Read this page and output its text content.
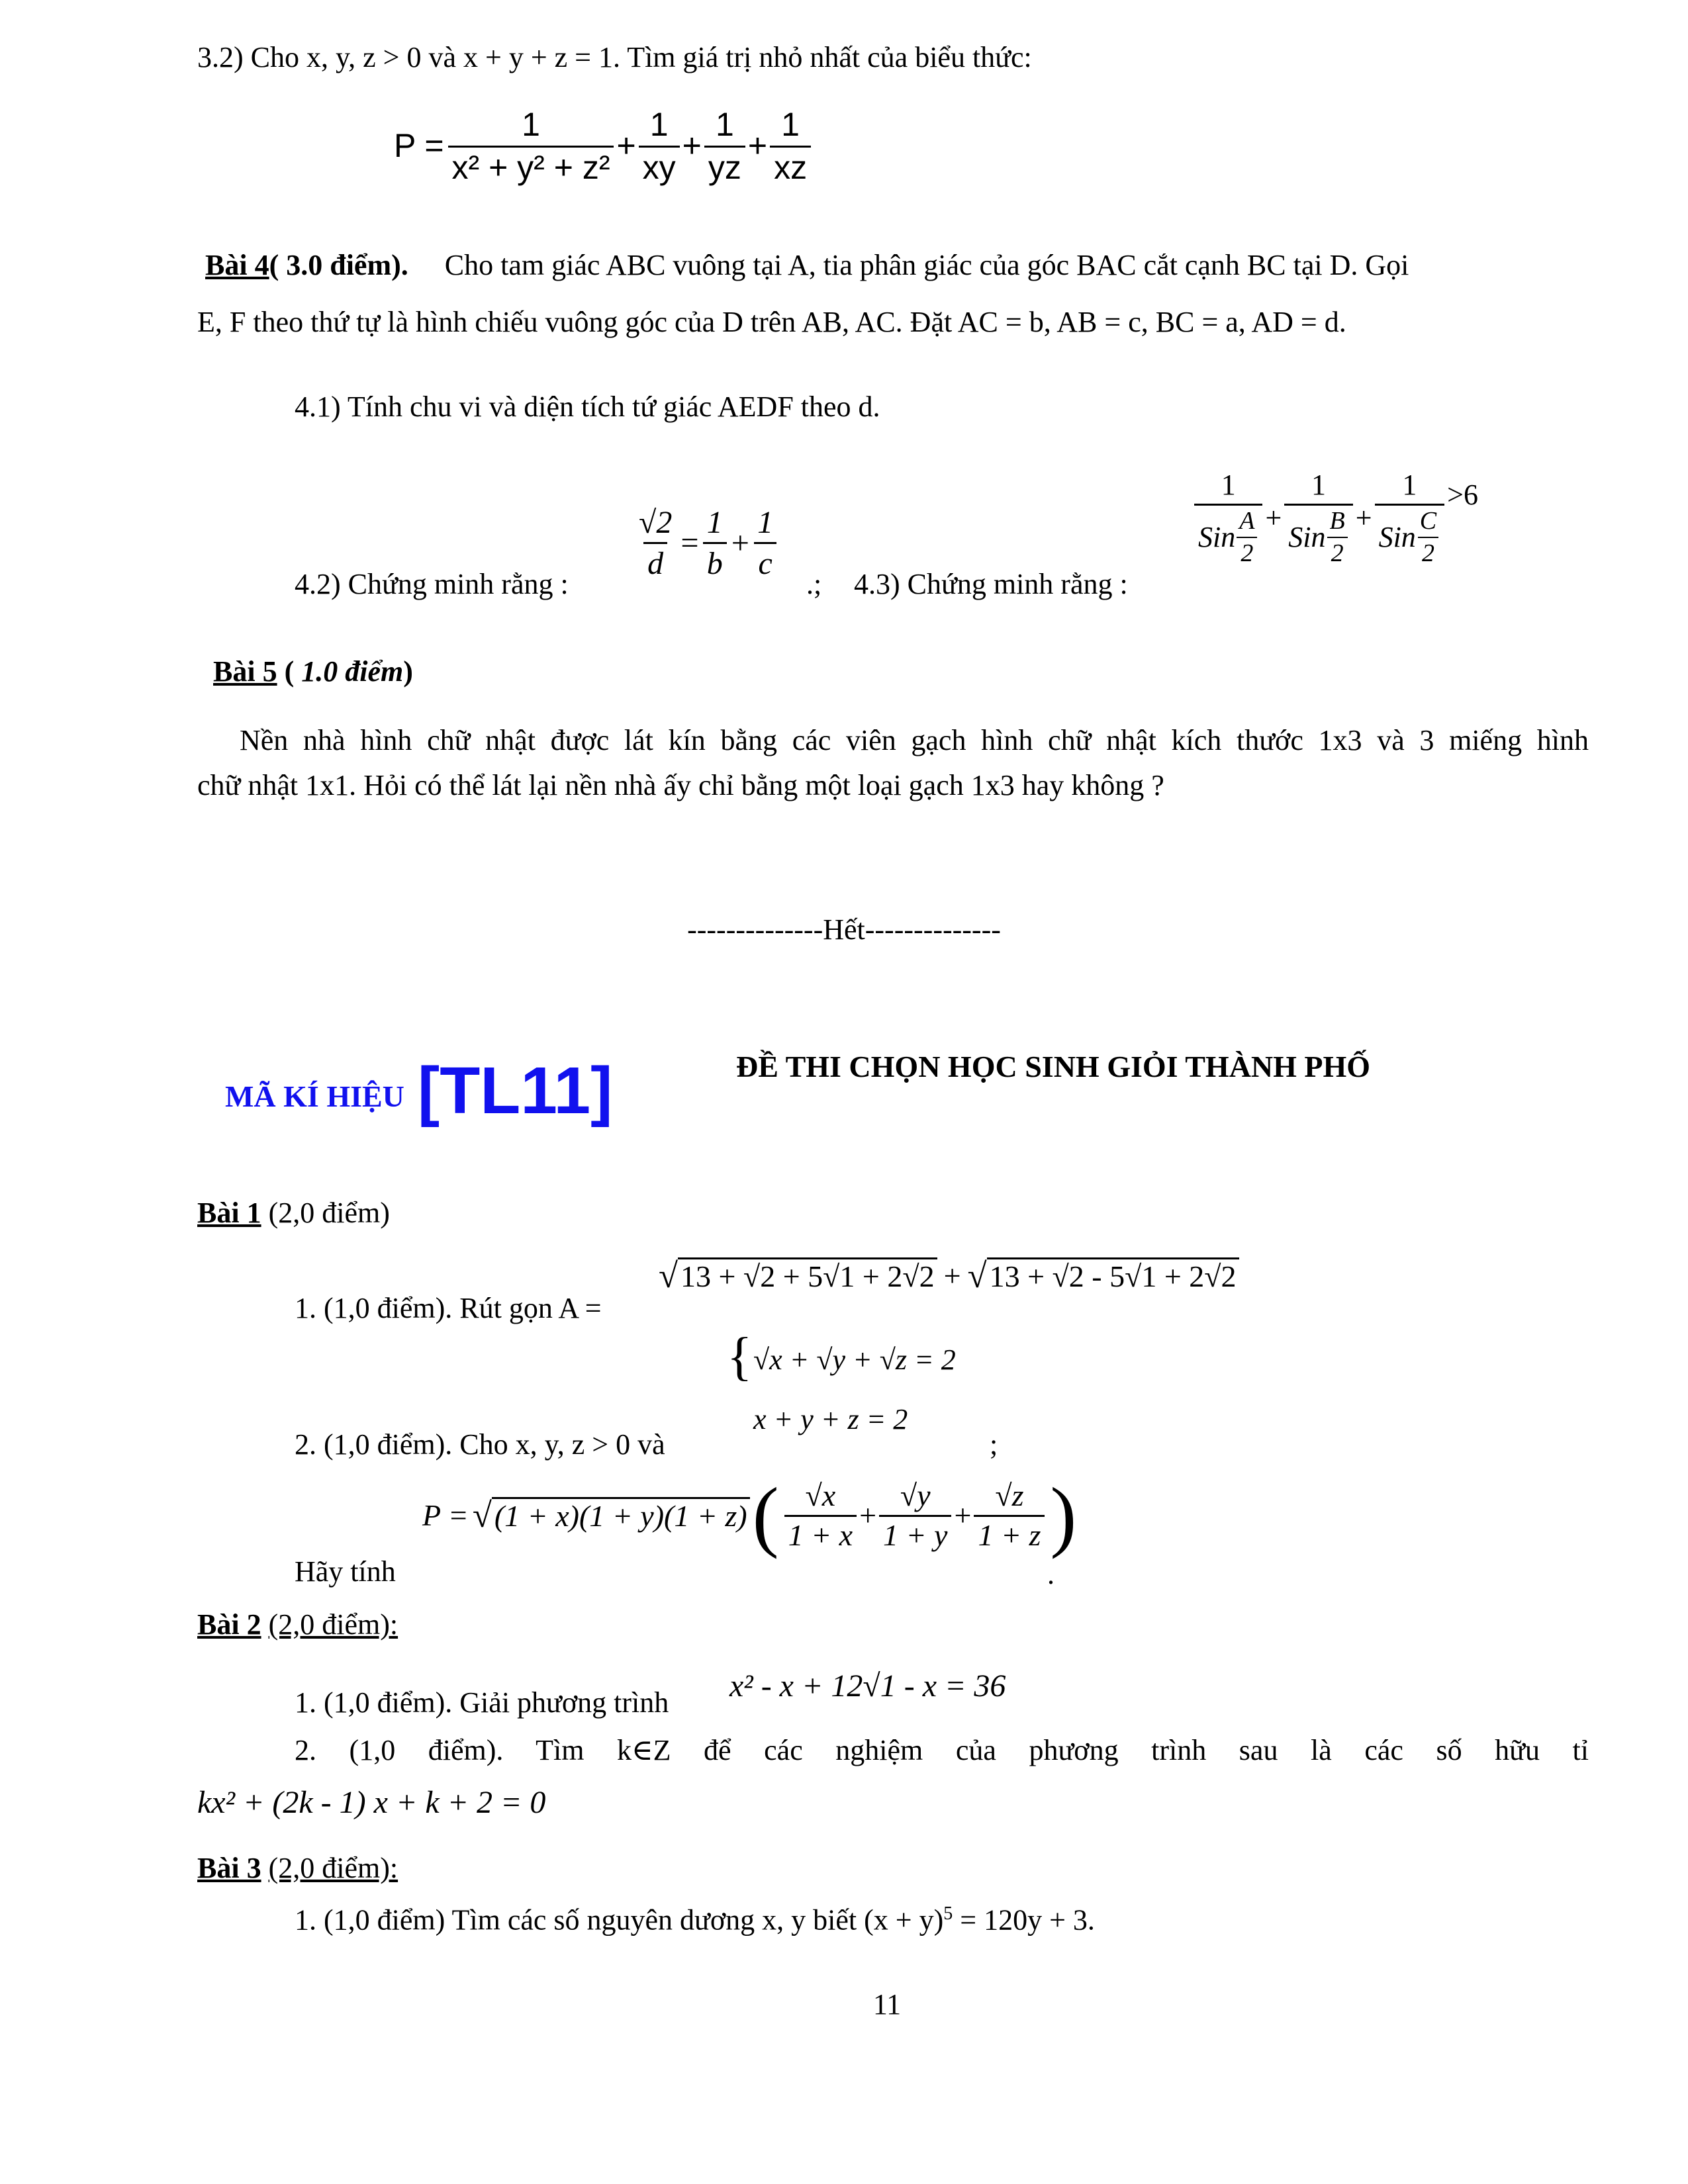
3.2) Cho x, y, z > 0 và x + y + z = 1. Tìm giá trị nhỏ nhất của biểu thức:
$P = \frac{1}{\text{x² + y² + z²}} + \frac{1}{xy} + \frac{1}{yz} + \frac{1}{xz}$
Bài 4( 3.0 điểm). Cho tam giác ABC vuông tại A, tia phân giác của góc BAC cắt cạnh BC tại D. Gọi
E, F theo thứ tự là hình chiếu vuông góc của D trên AB, AC. Đặt AC = b, AB = c, BC = a, AD = d.
4.1) Tính chu vi và diện tích tứ giác AEDF theo d.
4.2) Chứng minh rằng :
$\frac{√2}{d} = \frac{1}{b} + \frac{1}{c}$
.; 4.3) Chứng minh rằng :
$\frac{1}{Sin \frac{A}{2}} + \frac{1}{Sin \frac{B}{2}} + \frac{1}{Sin \frac{C}{2}} >6$
Bài 5 ( 1.0 điểm)
Nền nhà hình chữ nhật được lát kín bằng các viên gạch hình chữ nhật kích thước 1x3 và 3 miếng hình
chữ nhật 1x1. Hỏi có thể lát lại nền nhà ấy chỉ bằng một loại gạch 1x3 hay không ?
--------------Hết--------------
MÃ KÍ HIỆU [TL11]	ĐỀ THI CHỌN HỌC SINH GIỎI THÀNH PHỐ
Bài 1 (2,0 điểm)
1. (1,0 điểm). Rút gọn A =
√ 13 + √2 + 5√1 + 2√2 + √ 13 + √2 - 5√1 + 2√2
{ √x + √y + √z = 2
x + y + z = 2
2. (1,0 điểm). Cho x, y, z > 0 và	;
P = √ (1 + x)(1 + y)(1 + z) ( $\frac{√x}{1 + x} + \frac{√y}{1 + y} + \frac{√z}{1 + z}$ )
Hãy tính	.
Bài 2 (2,0 điểm):
1. (1,0 điểm). Giải phương trình x² - x + 12√1 - x = 36
2. (1,0 điểm). Tìm k∈Z để các nghiệm của phương trình sau là các số hữu tỉ
kx² + (2k - 1) x + k + 2 = 0
Bài 3 (2,0 điểm):
1. (1,0 điểm) Tìm các số nguyên dương x, y biết $(x + y)^5 = 120y + 3$.
11
